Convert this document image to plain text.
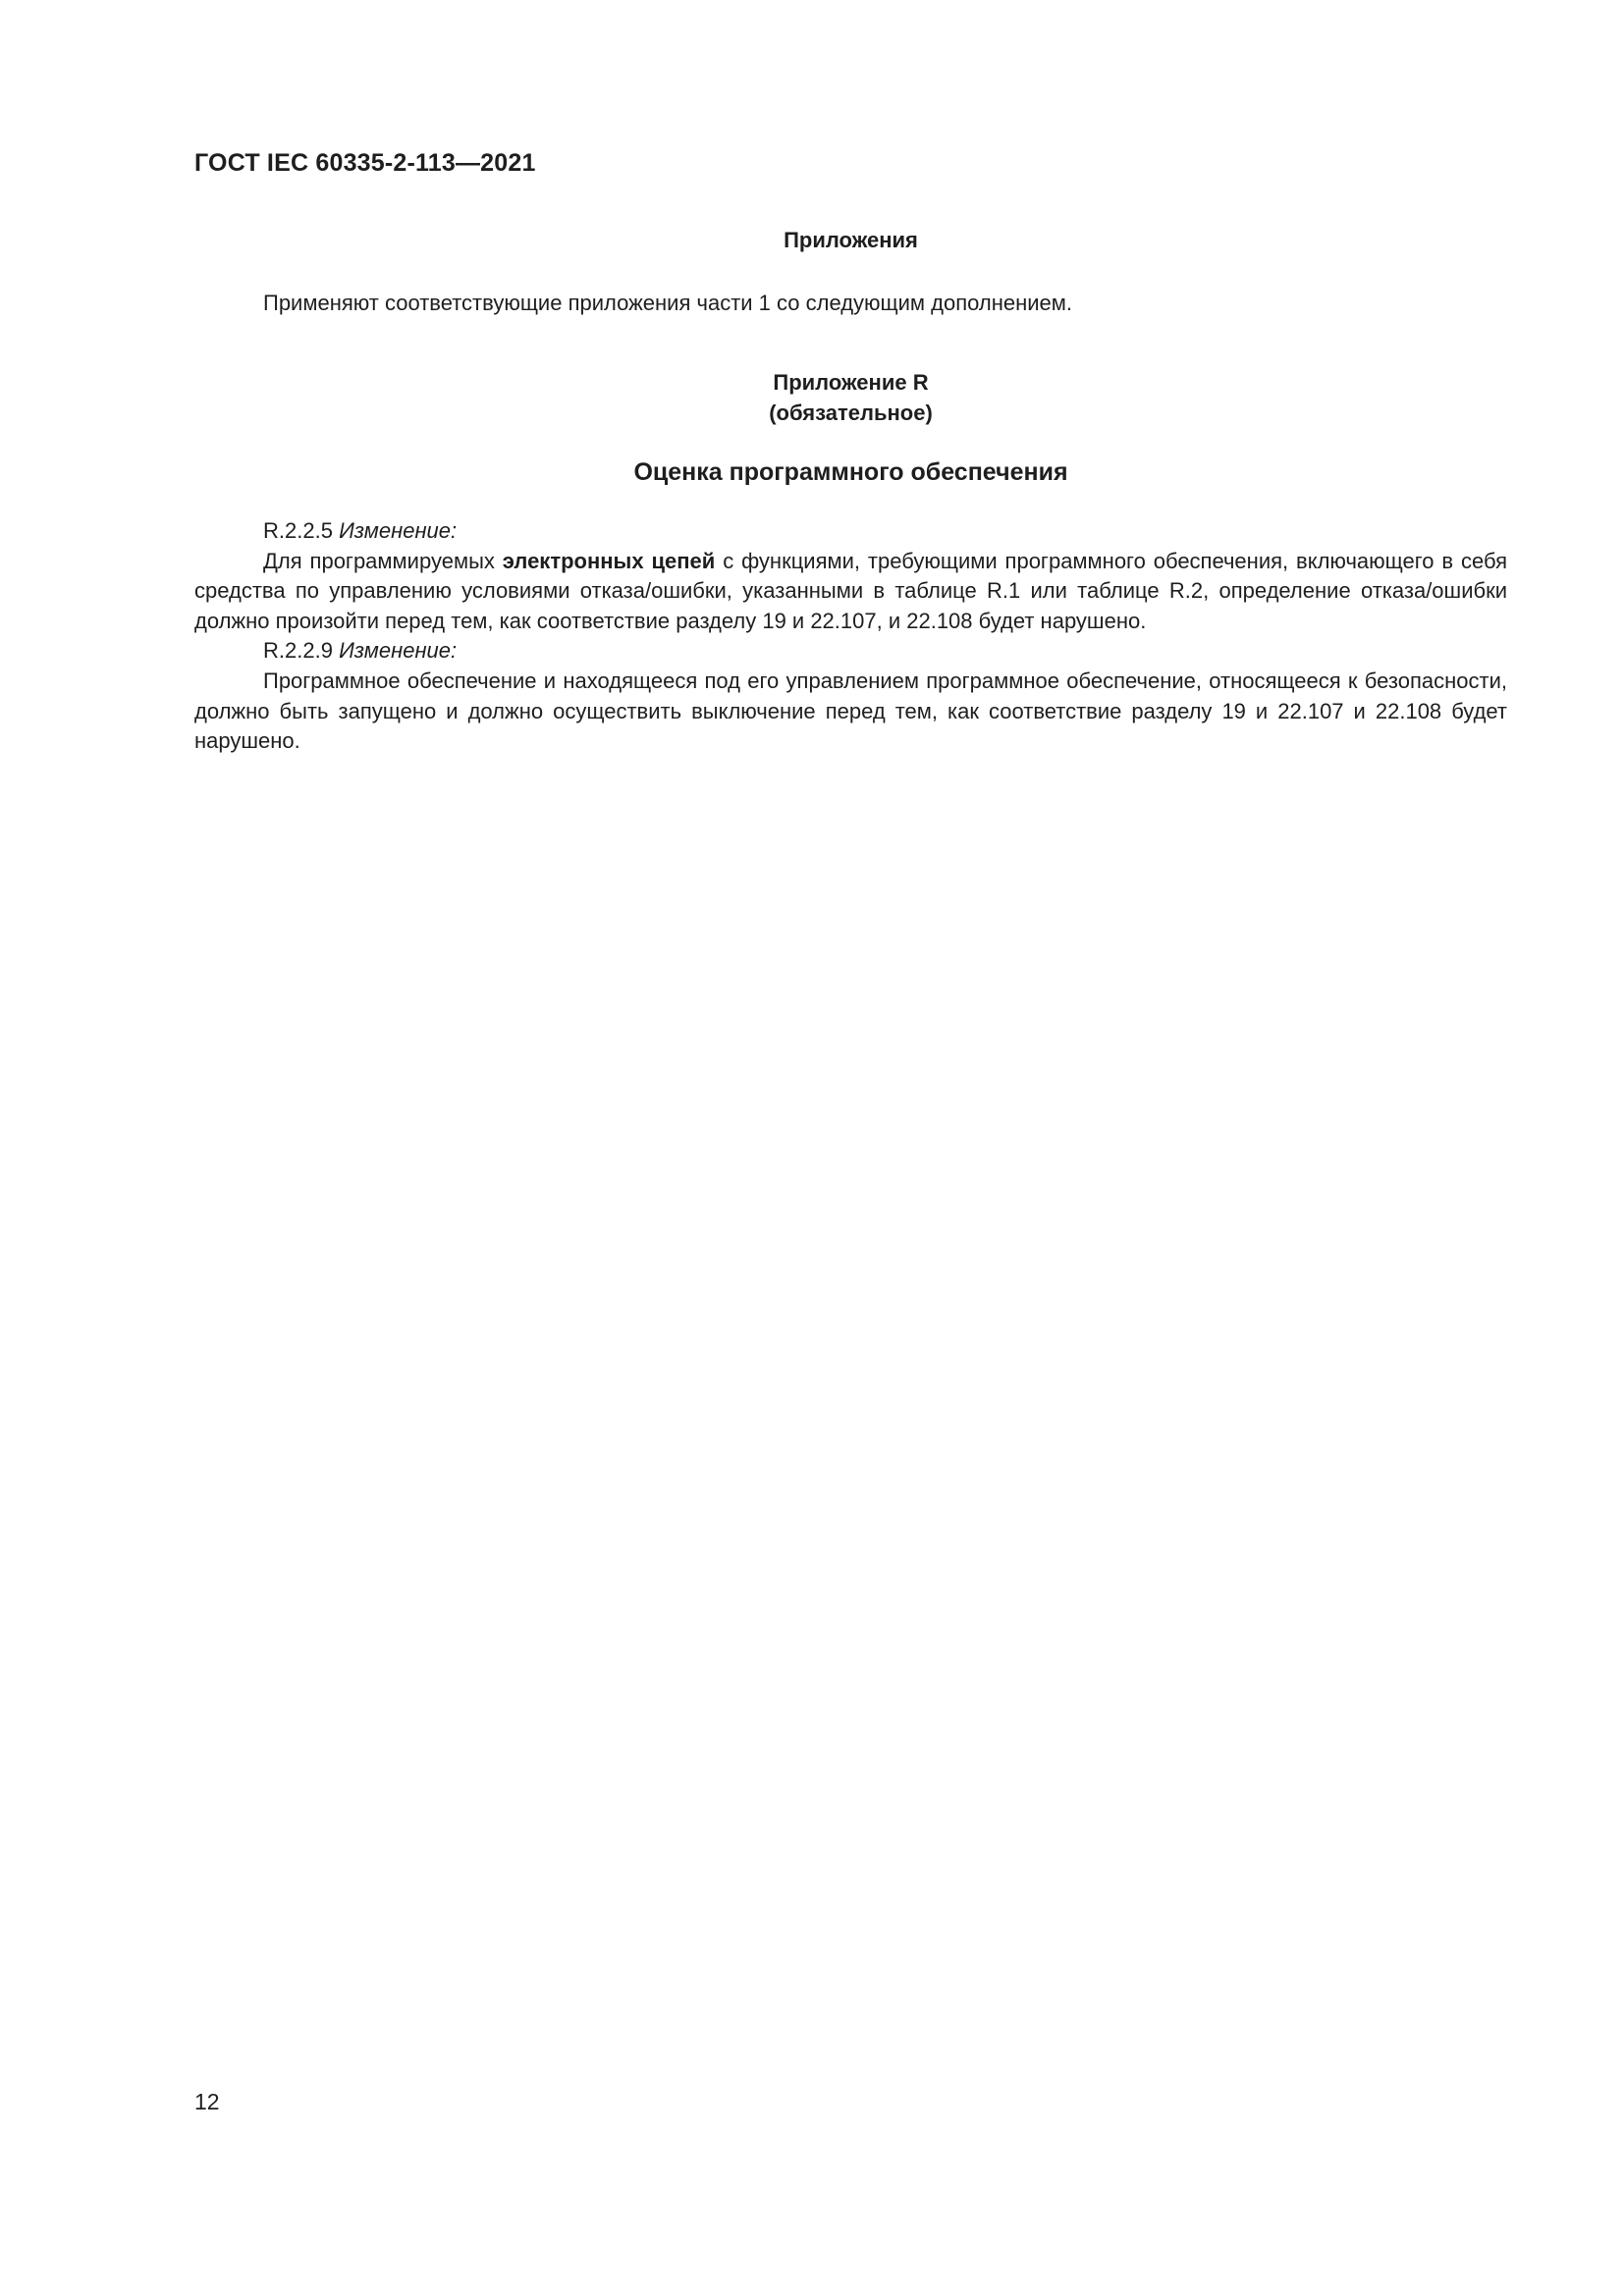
ГОСТ IEC 60335-2-113—2021
Приложения
Применяют соответствующие приложения части 1 со следующим дополнением.
Приложение R
(обязательное)
Оценка программного обеспечения
R.2.2.5 Изменение:

Для программируемых электронных цепей с функциями, требующими программного обеспечения, включающего в себя средства по управлению условиями отказа/ошибки, указанными в таблице R.1 или таблице R.2, определение отказа/ошибки должно произойти перед тем, как соответствие разделу 19 и 22.107, и 22.108 будет нарушено.

R.2.2.9 Изменение:

Программное обеспечение и находящееся под его управлением программное обеспечение, относящееся к безопасности, должно быть запущено и должно осуществить выключение перед тем, как соответствие разделу 19 и 22.107 и 22.108 будет нарушено.

12
